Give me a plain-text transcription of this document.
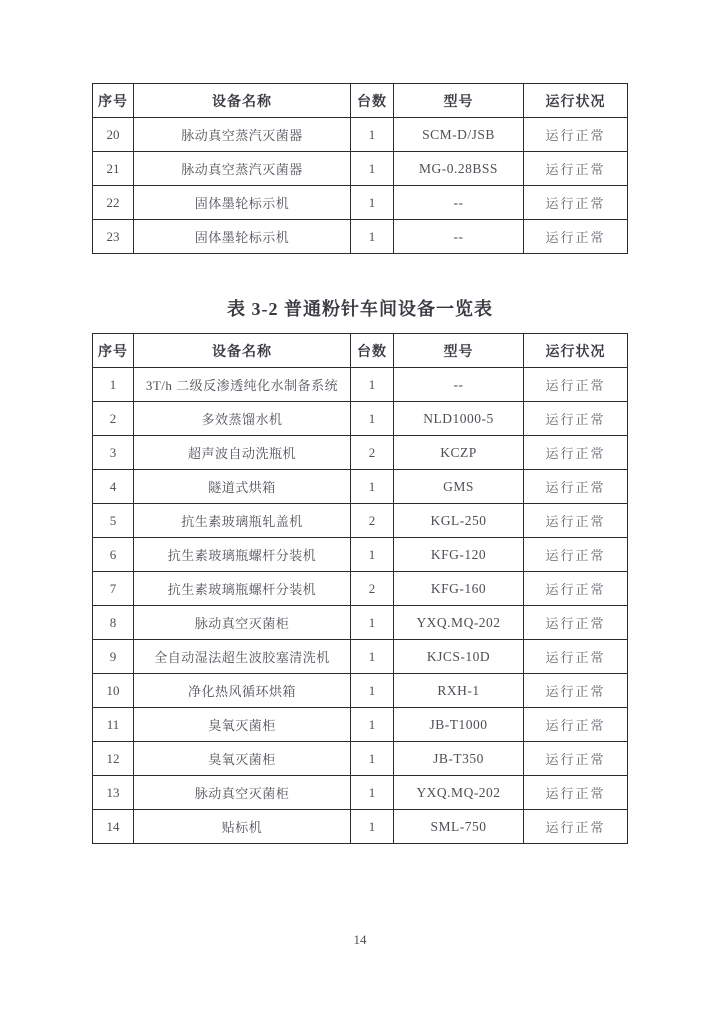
序号	设备名称	台数	型号	运行状况
20	脉动真空蒸汽灭菌器	1	SCM-D/JSB	运行正常
21	脉动真空蒸汽灭菌器	1	MG-0.28BSS	运行正常
22	固体墨轮标示机	1	--	运行正常
23	固体墨轮标示机	1	--	运行正常
表 3-2 普通粉针车间设备一览表
序号	设备名称	台数	型号	运行状况
1	3T/h 二级反渗透纯化水制备系统	1	--	运行正常
2	多效蒸馏水机	1	NLD1000-5	运行正常
3	超声波自动洗瓶机	2	KCZP	运行正常
4	隧道式烘箱	1	GMS	运行正常
5	抗生素玻璃瓶轧盖机	2	KGL-250	运行正常
6	抗生素玻璃瓶螺杆分装机	1	KFG-120	运行正常
7	抗生素玻璃瓶螺杆分装机	2	KFG-160	运行正常
8	脉动真空灭菌柜	1	YXQ.MQ-202	运行正常
9	全自动湿法超生波胶塞清洗机	1	KJCS-10D	运行正常
10	净化热风循环烘箱	1	RXH-1	运行正常
11	臭氧灭菌柜	1	JB-T1000	运行正常
12	臭氧灭菌柜	1	JB-T350	运行正常
13	脉动真空灭菌柜	1	YXQ.MQ-202	运行正常
14	贴标机	1	SML-750	运行正常
14
